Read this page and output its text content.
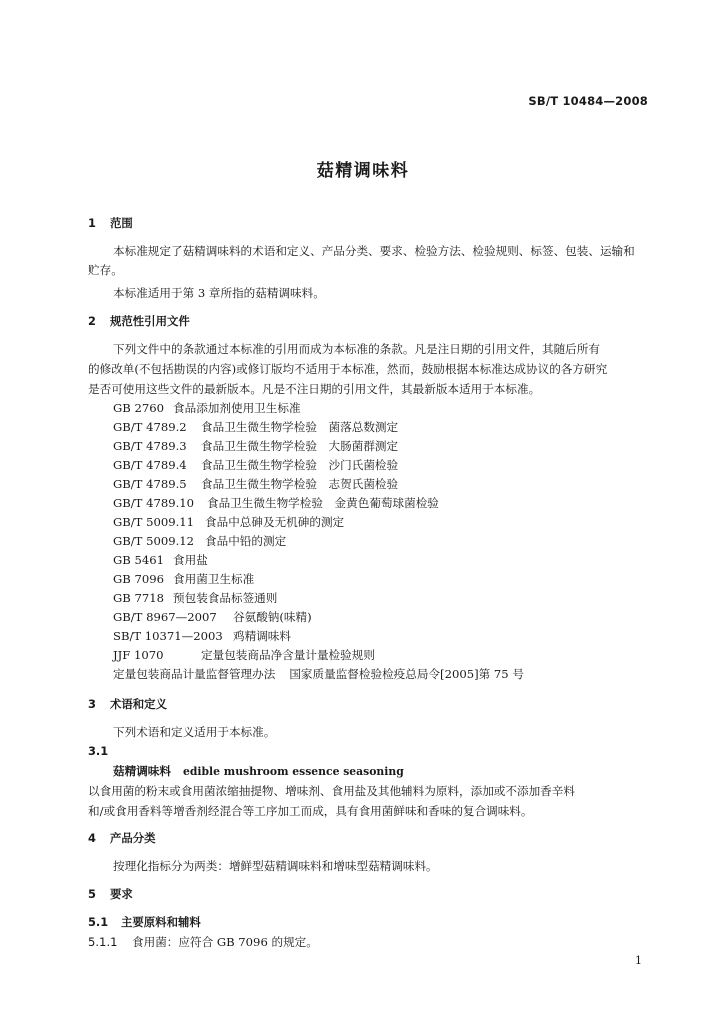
SB/T 10484—2008
菇精调味料
1 范围
本标准规定了菇精调味料的术语和定义、产品分类、要求、检验方法、检验规则、标签、包装、运输和
贮存。
本标准适用于第 3 章所指的菇精调味料。
2 规范性引用文件
下列文件中的条款通过本标准的引用而成为本标准的条款。凡是注日期的引用文件，其随后所有
的修改单(不包括勘误的内容)或修订版均不适用于本标准，然而，鼓励根据本标准达成协议的各方研究
是否可使用这些文件的最新版本。凡是不注日期的引用文件，其最新版本适用于本标准。
GB 2760 食品添加剂使用卫生标准
GB/T 4789.2 食品卫生微生物学检验　菌落总数测定
GB/T 4789.3 食品卫生微生物学检验　大肠菌群测定
GB/T 4789.4 食品卫生微生物学检验　沙门氏菌检验
GB/T 4789.5 食品卫生微生物学检验　志贺氏菌检验
GB/T 4789.10 食品卫生微生物学检验　金黄色葡萄球菌检验
GB/T 5009.11 食品中总砷及无机砷的测定
GB/T 5009.12 食品中铅的测定
GB 5461 食用盐
GB 7096 食用菌卫生标准
GB 7718 预包装食品标签通则
GB/T 8967—2007 谷氨酸钠(味精)
SB/T 10371—2003 鸡精调味料
JJF 1070	定量包装商品净含量计量检验规则
定量包装商品计量监督管理办法 国家质量监督检验检疫总局令[2005]第 75 号
3 术语和定义
下列术语和定义适用于本标准。
3.1
菇精调味料 edible mushroom essence seasoning
以食用菌的粉末或食用菌浓缩抽提物、增味剂、食用盐及其他辅料为原料，添加或不添加香辛料
和/或食用香料等增香剂经混合等工序加工而成，具有食用菌鲜味和香味的复合调味料。
4 产品分类
按理化指标分为两类：增鲜型菇精调味料和增味型菇精调味料。
5 要求
5.1 主要原料和辅料
5.1.1 食用菌：应符合 GB 7096 的规定。
1
